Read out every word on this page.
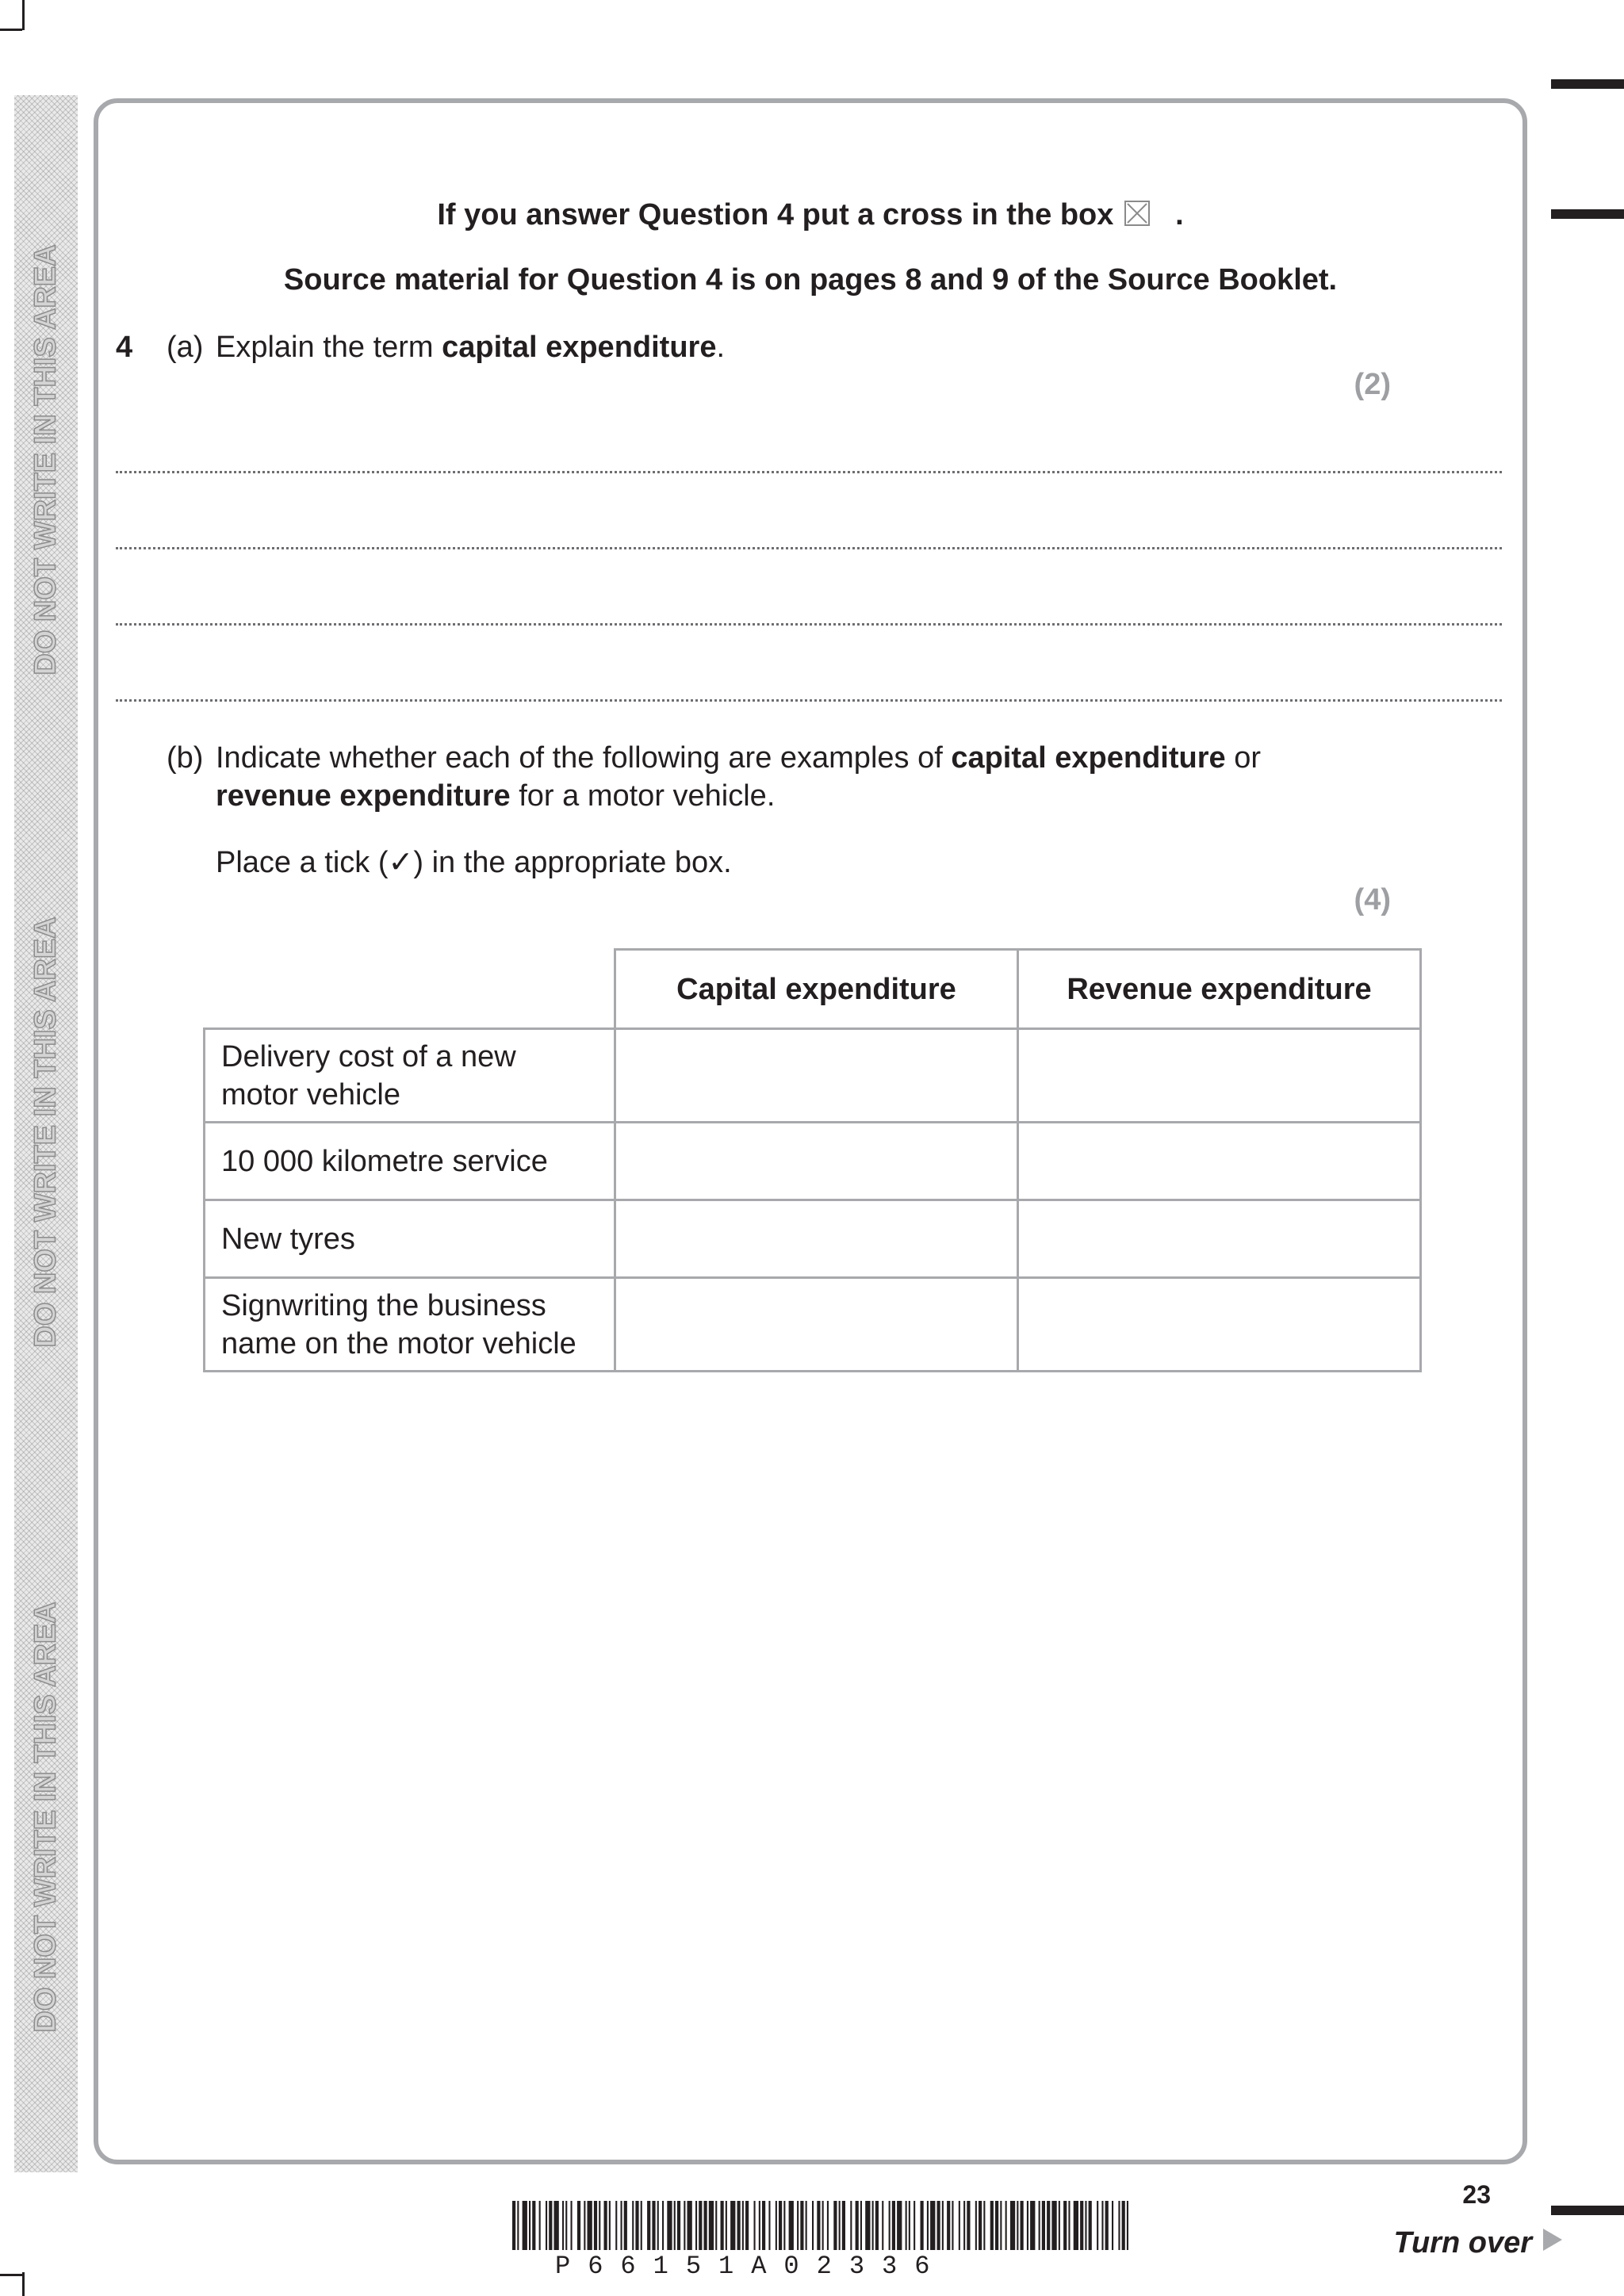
DO NOT WRITE IN THIS AREA
DO NOT WRITE IN THIS AREA
DO NOT WRITE IN THIS AREA
If you answer Question 4 put a cross in the box ☒ .
Source material for Question 4 is on pages 8 and 9 of the Source Booklet.
4 (a) Explain the term capital expenditure.
(2)
(b) Indicate whether each of the following are examples of capital expenditure or
revenue expenditure for a motor vehicle.
Place a tick (✓) in the appropriate box.
(4)
	Capital expenditure	Revenue expenditure
Delivery cost of a new
motor vehicle		
10 000 kilometre service		
New tyres		
Signwriting the business
name on the motor vehicle		
23
Turn over
P66151A02336
